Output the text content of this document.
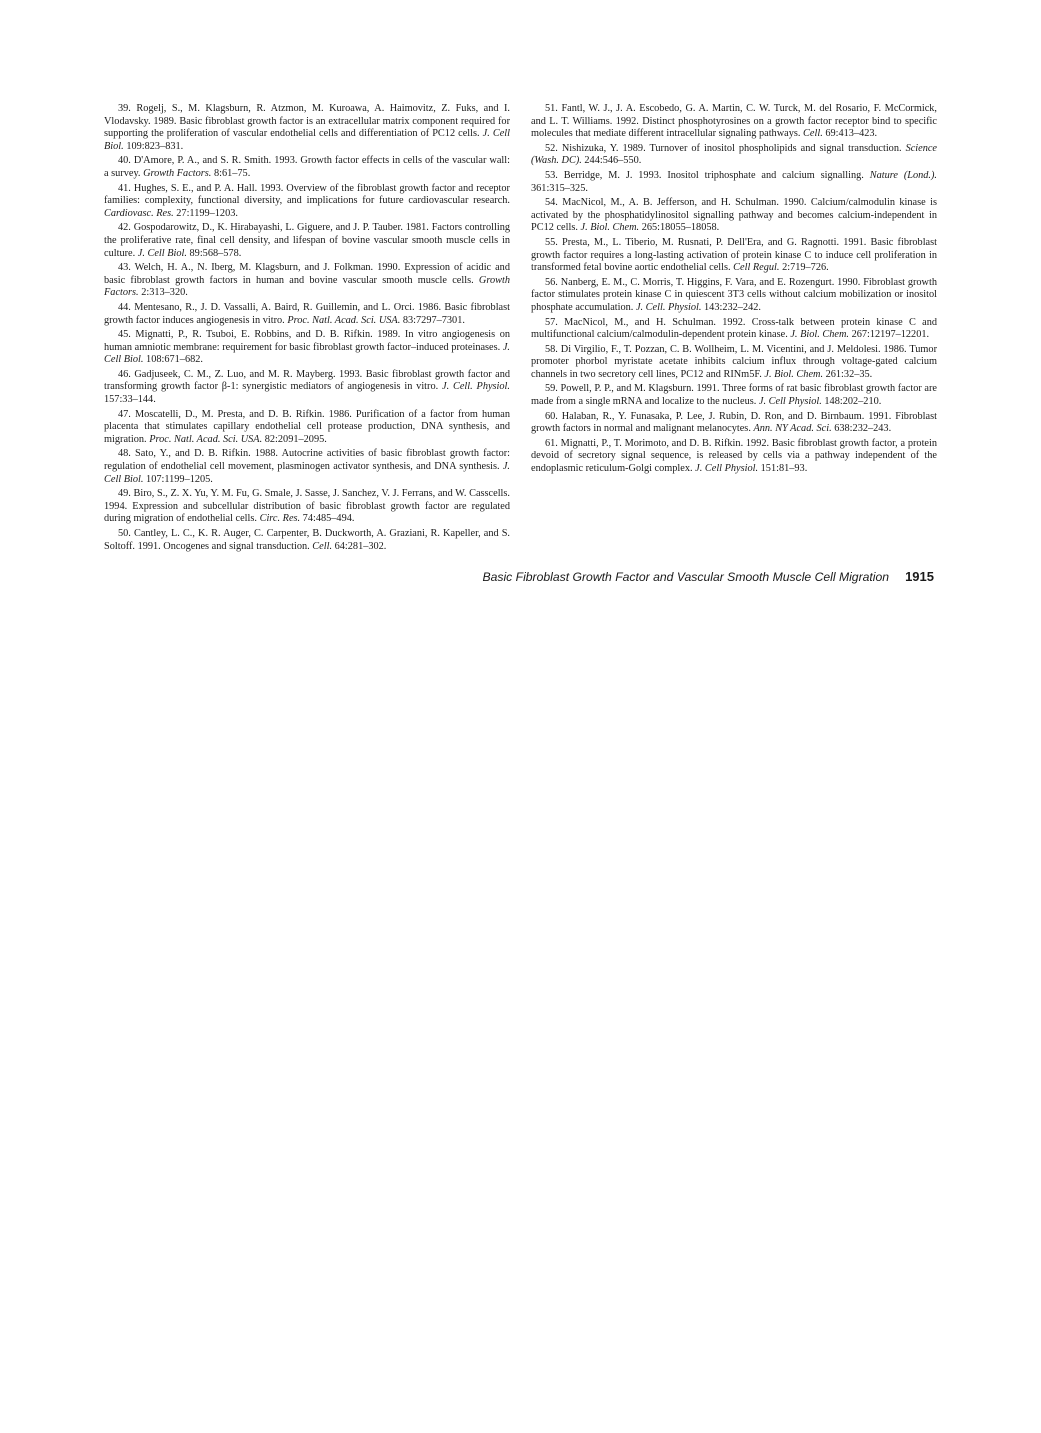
39. Rogelj, S., M. Klagsburn, R. Atzmon, M. Kuroawa, A. Haimovitz, Z. Fuks, and I. Vlodavsky. 1989. Basic fibroblast growth factor is an extracellular matrix component required for supporting the proliferation of vascular endothelial cells and differentiation of PC12 cells. J. Cell Biol. 109:823–831.

40. D'Amore, P. A., and S. R. Smith. 1993. Growth factor effects in cells of the vascular wall: a survey. Growth Factors. 8:61–75.

41. Hughes, S. E., and P. A. Hall. 1993. Overview of the fibroblast growth factor and receptor families: complexity, functional diversity, and implications for future cardiovascular research. Cardiovasc. Res. 27:1199–1203.

42. Gospodarowitz, D., K. Hirabayashi, L. Giguere, and J. P. Tauber. 1981. Factors controlling the proliferative rate, final cell density, and lifespan of bovine vascular smooth muscle cells in culture. J. Cell Biol. 89:568–578.

43. Welch, H. A., N. Iberg, M. Klagsburn, and J. Folkman. 1990. Expression of acidic and basic fibroblast growth factors in human and bovine vascular smooth muscle cells. Growth Factors. 2:313–320.

44. Mentesano, R., J. D. Vassalli, A. Baird, R. Guillemin, and L. Orci. 1986. Basic fibroblast growth factor induces angiogenesis in vitro. Proc. Natl. Acad. Sci. USA. 83:7297–7301.

45. Mignatti, P., R. Tsuboi, E. Robbins, and D. B. Rifkin. 1989. In vitro angiogenesis on human amniotic membrane: requirement for basic fibroblast growth factor–induced proteinases. J. Cell Biol. 108:671–682.

46. Gadjuseek, C. M., Z. Luo, and M. R. Mayberg. 1993. Basic fibroblast growth factor and transforming growth factor β-1: synergistic mediators of angiogenesis in vitro. J. Cell. Physiol. 157:33–144.

47. Moscatelli, D., M. Presta, and D. B. Rifkin. 1986. Purification of a factor from human placenta that stimulates capillary endothelial cell protease production, DNA synthesis, and migration. Proc. Natl. Acad. Sci. USA. 82:2091–2095.

48. Sato, Y., and D. B. Rifkin. 1988. Autocrine activities of basic fibroblast growth factor: regulation of endothelial cell movement, plasminogen activator synthesis, and DNA synthesis. J. Cell Biol. 107:1199–1205.

49. Biro, S., Z. X. Yu, Y. M. Fu, G. Smale, J. Sasse, J. Sanchez, V. J. Ferrans, and W. Casscells. 1994. Expression and subcellular distribution of basic fibroblast growth factor are regulated during migration of endothelial cells. Circ. Res. 74:485–494.

50. Cantley, L. C., K. R. Auger, C. Carpenter, B. Duckworth, A. Graziani, R. Kapeller, and S. Soltoff. 1991. Oncogenes and signal transduction. Cell. 64:281–302.

51. Fantl, W. J., J. A. Escobedo, G. A. Martin, C. W. Turck, M. del Rosario, F. McCormick, and L. T. Williams. 1992. Distinct phosphotyrosines on a growth factor receptor bind to specific molecules that mediate different intracellular signaling pathways. Cell. 69:413–423.

52. Nishizuka, Y. 1989. Turnover of inositol phospholipids and signal transduction. Science (Wash. DC). 244:546–550.

53. Berridge, M. J. 1993. Inositol triphosphate and calcium signalling. Nature (Lond.). 361:315–325.

54. MacNicol, M., A. B. Jefferson, and H. Schulman. 1990. Calcium/calmodulin kinase is activated by the phosphatidylinositol signalling pathway and becomes calcium-independent in PC12 cells. J. Biol. Chem. 265:18055–18058.

55. Presta, M., L. Tiberio, M. Rusnati, P. Dell'Era, and G. Ragnotti. 1991. Basic fibroblast growth factor requires a long-lasting activation of protein kinase C to induce cell proliferation in transformed fetal bovine aortic endothelial cells. Cell Regul. 2:719–726.

56. Nanberg, E. M., C. Morris, T. Higgins, F. Vara, and E. Rozengurt. 1990. Fibroblast growth factor stimulates protein kinase C in quiescent 3T3 cells without calcium mobilization or inositol phosphate accumulation. J. Cell. Physiol. 143:232–242.

57. MacNicol, M., and H. Schulman. 1992. Cross-talk between protein kinase C and multifunctional calcium/calmodulin-dependent protein kinase. J. Biol. Chem. 267:12197–12201.

58. Di Virgilio, F., T. Pozzan, C. B. Wollheim, L. M. Vicentini, and J. Meldolesi. 1986. Tumor promoter phorbol myristate acetate inhibits calcium influx through voltage-gated calcium channels in two secretory cell lines, PC12 and RINm5F. J. Biol. Chem. 261:32–35.

59. Powell, P. P., and M. Klagsburn. 1991. Three forms of rat basic fibroblast growth factor are made from a single mRNA and localize to the nucleus. J. Cell Physiol. 148:202–210.

60. Halaban, R., Y. Funasaka, P. Lee, J. Rubin, D. Ron, and D. Birnbaum. 1991. Fibroblast growth factors in normal and malignant melanocytes. Ann. NY Acad. Sci. 638:232–243.

61. Mignatti, P., T. Morimoto, and D. B. Rifkin. 1992. Basic fibroblast growth factor, a protein devoid of secretory signal sequence, is released by cells via a pathway independent of the endoplasmic reticulum-Golgi complex. J. Cell Physiol. 151:81–93.

Basic Fibroblast Growth Factor and Vascular Smooth Muscle Cell Migration 1915
